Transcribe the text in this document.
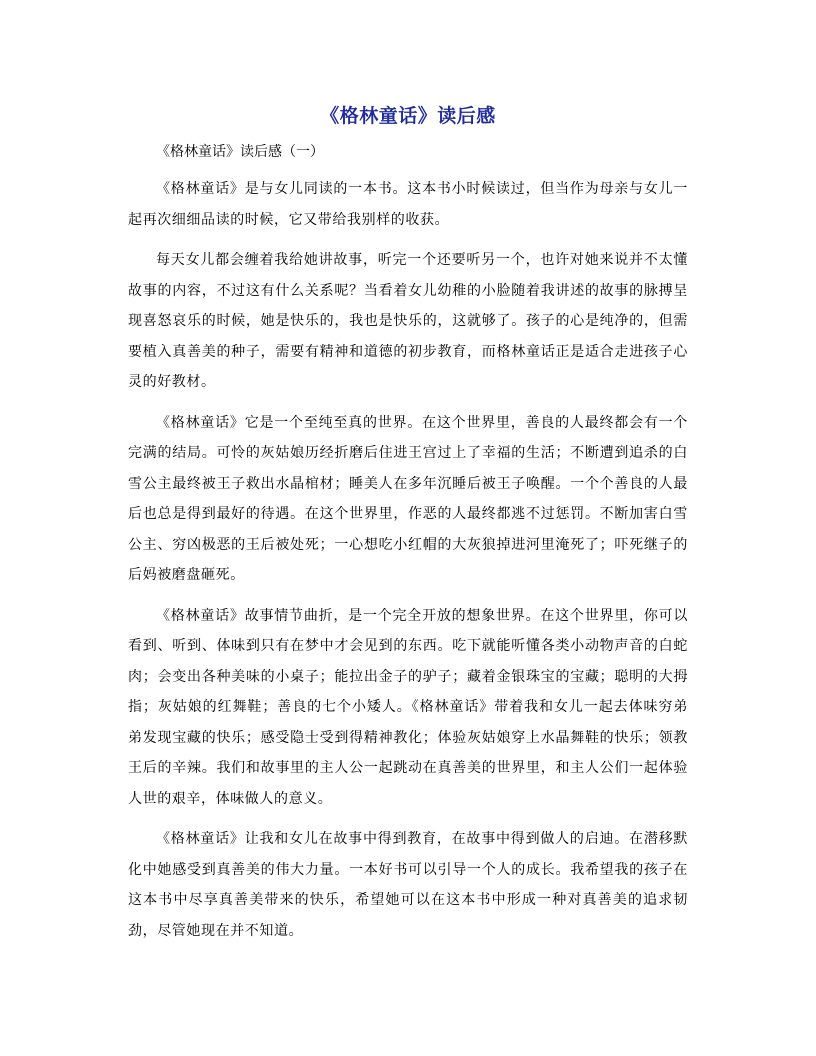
《格林童话》读后感

《格林童话》读后感（一）

《格林童话》是与女儿同读的一本书。这本书小时候读过，但当作为母亲与女儿一起再次细细品读的时候，它又带给我别样的收获。

每天女儿都会缠着我给她讲故事，听完一个还要听另一个，也许对她来说并不太懂故事的内容，不过这有什么关系呢？当看着女儿幼稚的小脸随着我讲述的故事的脉搏呈现喜怒哀乐的时候，她是快乐的，我也是快乐的，这就够了。孩子的心是纯净的，但需要植入真善美的种子，需要有精神和道德的初步教育，而格林童话正是适合走进孩子心灵的好教材。

《格林童话》它是一个至纯至真的世界。在这个世界里，善良的人最终都会有一个完满的结局。可怜的灰姑娘历经折磨后住进王宫过上了幸福的生活；不断遭到追杀的白雪公主最终被王子救出水晶棺材；睡美人在多年沉睡后被王子唤醒。一个个善良的人最后也总是得到最好的待遇。在这个世界里，作恶的人最终都逃不过惩罚。不断加害白雪公主、穷凶极恶的王后被处死；一心想吃小红帽的大灰狼掉进河里淹死了；吓死继子的后妈被磨盘砸死。

《格林童话》故事情节曲折，是一个完全开放的想象世界。在这个世界里，你可以看到、听到、体味到只有在梦中才会见到的东西。吃下就能听懂各类小动物声音的白蛇肉；会变出各种美味的小桌子；能拉出金子的驴子；藏着金银珠宝的宝藏；聪明的大拇指；灰姑娘的红舞鞋；善良的七个小矮人。《格林童话》带着我和女儿一起去体味穷弟弟发现宝藏的快乐；感受隐士受到得精神教化；体验灰姑娘穿上水晶舞鞋的快乐；领教王后的辛辣。我们和故事里的主人公一起跳动在真善美的世界里，和主人公们一起体验人世的艰辛，体味做人的意义。

《格林童话》让我和女儿在故事中得到教育，在故事中得到做人的启迪。在潜移默化中她感受到真善美的伟大力量。一本好书可以引导一个人的成长。我希望我的孩子在这本书中尽享真善美带来的快乐，希望她可以在这本书中形成一种对真善美的追求韧劲，尽管她现在并不知道。
